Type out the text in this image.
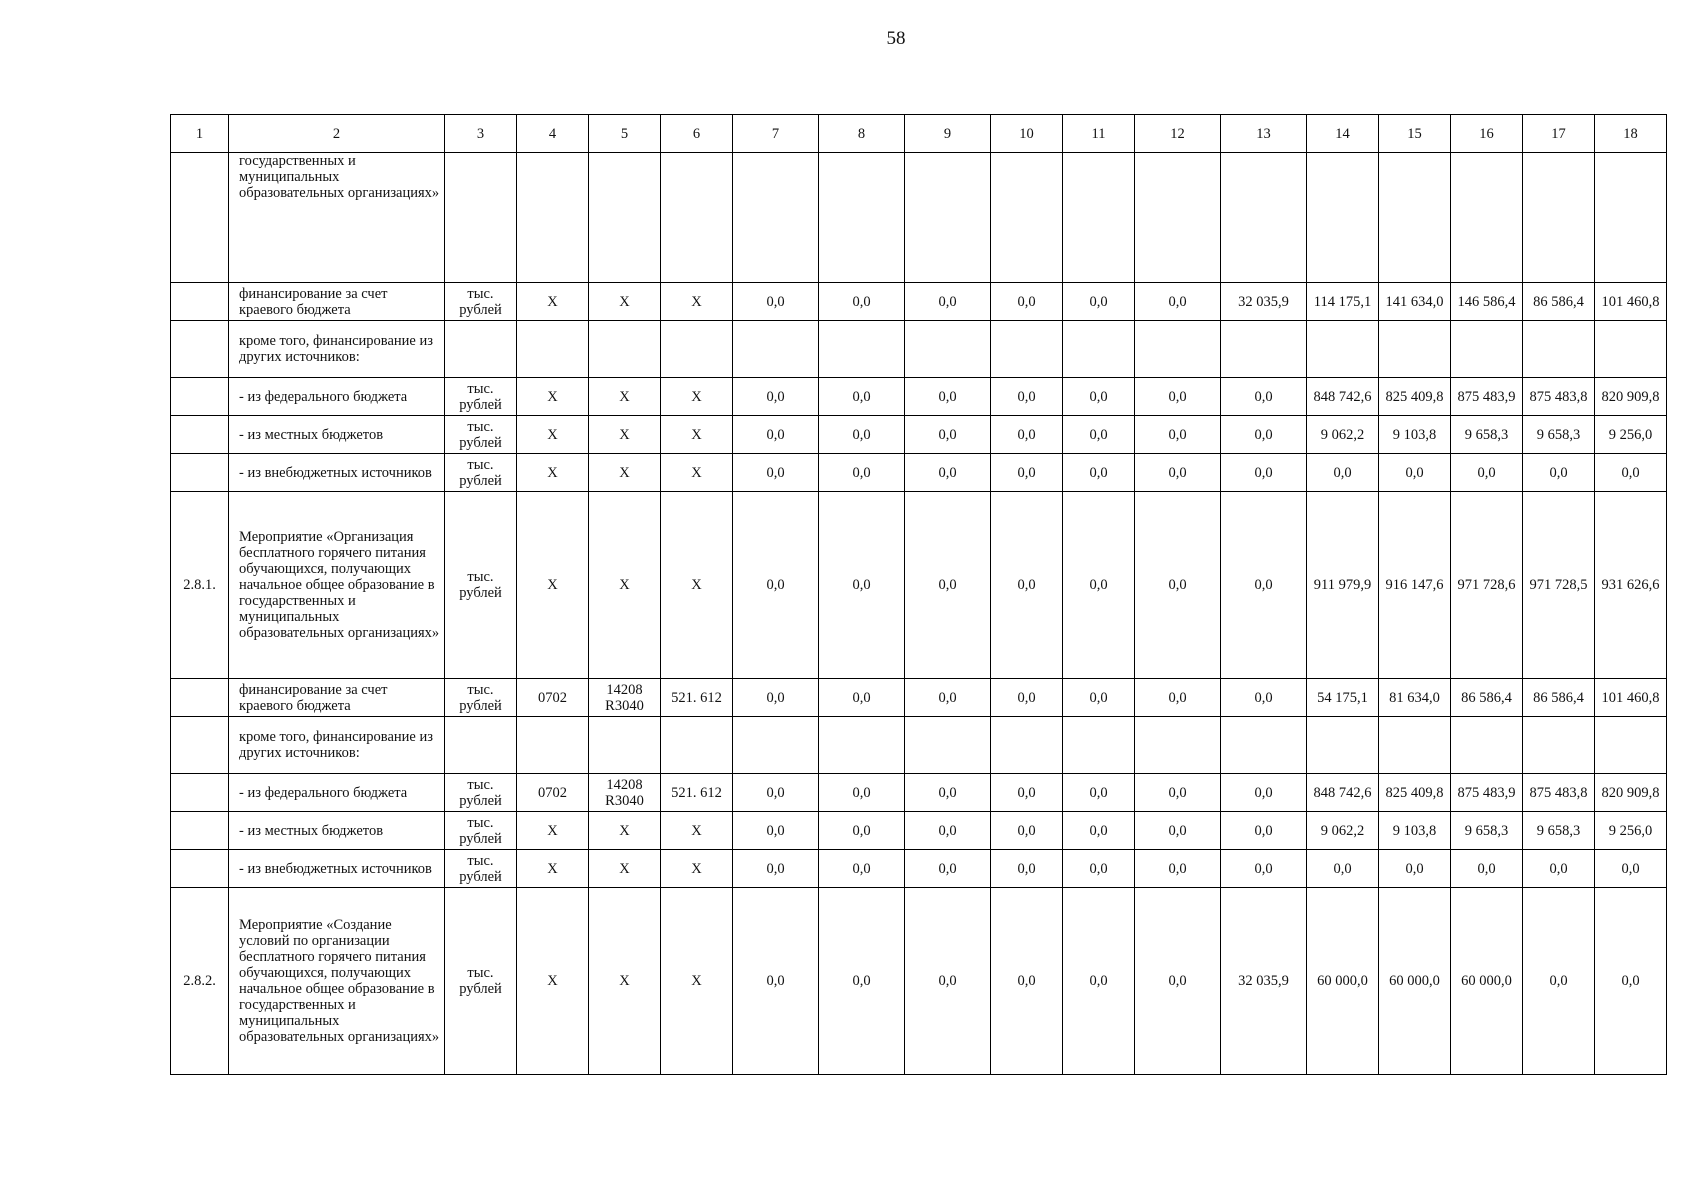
58
1	2	3	4	5	6	7	8	9	10	11	12	13	14	15	16	17	18
	государственных и муниципальных образовательных организациях»																
	финансирование за счет краевого бюджета	тыс. рублей	X	X	X	0,0	0,0	0,0	0,0	0,0	0,0	32 035,9	114 175,1	141 634,0	146 586,4	86 586,4	101 460,8
	кроме того, финансирование из других источников:																
	- из федерального бюджета	тыс. рублей	X	X	X	0,0	0,0	0,0	0,0	0,0	0,0	0,0	848 742,6	825 409,8	875 483,9	875 483,8	820 909,8
	- из местных бюджетов	тыс. рублей	X	X	X	0,0	0,0	0,0	0,0	0,0	0,0	0,0	9 062,2	9 103,8	9 658,3	9 658,3	9 256,0
	- из внебюджетных источников	тыс. рублей	X	X	X	0,0	0,0	0,0	0,0	0,0	0,0	0,0	0,0	0,0	0,0	0,0	0,0
2.8.1.	Мероприятие «Организация бесплатного горячего питания обучающихся, получающих начальное общее образование в государственных и муниципальных образовательных организациях»	тыс. рублей	X	X	X	0,0	0,0	0,0	0,0	0,0	0,0	0,0	911 979,9	916 147,6	971 728,6	971 728,5	931 626,6
	финансирование за счет краевого бюджета	тыс. рублей	0702	14208 R3040	521. 612	0,0	0,0	0,0	0,0	0,0	0,0	0,0	54 175,1	81 634,0	86 586,4	86 586,4	101 460,8
	кроме того, финансирование из других источников:																
	- из федерального бюджета	тыс. рублей	0702	14208 R3040	521. 612	0,0	0,0	0,0	0,0	0,0	0,0	0,0	848 742,6	825 409,8	875 483,9	875 483,8	820 909,8
	- из местных бюджетов	тыс. рублей	X	X	X	0,0	0,0	0,0	0,0	0,0	0,0	0,0	9 062,2	9 103,8	9 658,3	9 658,3	9 256,0
	- из внебюджетных источников	тыс. рублей	X	X	X	0,0	0,0	0,0	0,0	0,0	0,0	0,0	0,0	0,0	0,0	0,0	0,0
2.8.2.	Мероприятие «Создание условий по организации бесплатного горячего питания обучающихся, получающих начальное общее образование в государственных и муниципальных образовательных организациях»	тыс. рублей	X	X	X	0,0	0,0	0,0	0,0	0,0	0,0	32 035,9	60 000,0	60 000,0	60 000,0	0,0	0,0
